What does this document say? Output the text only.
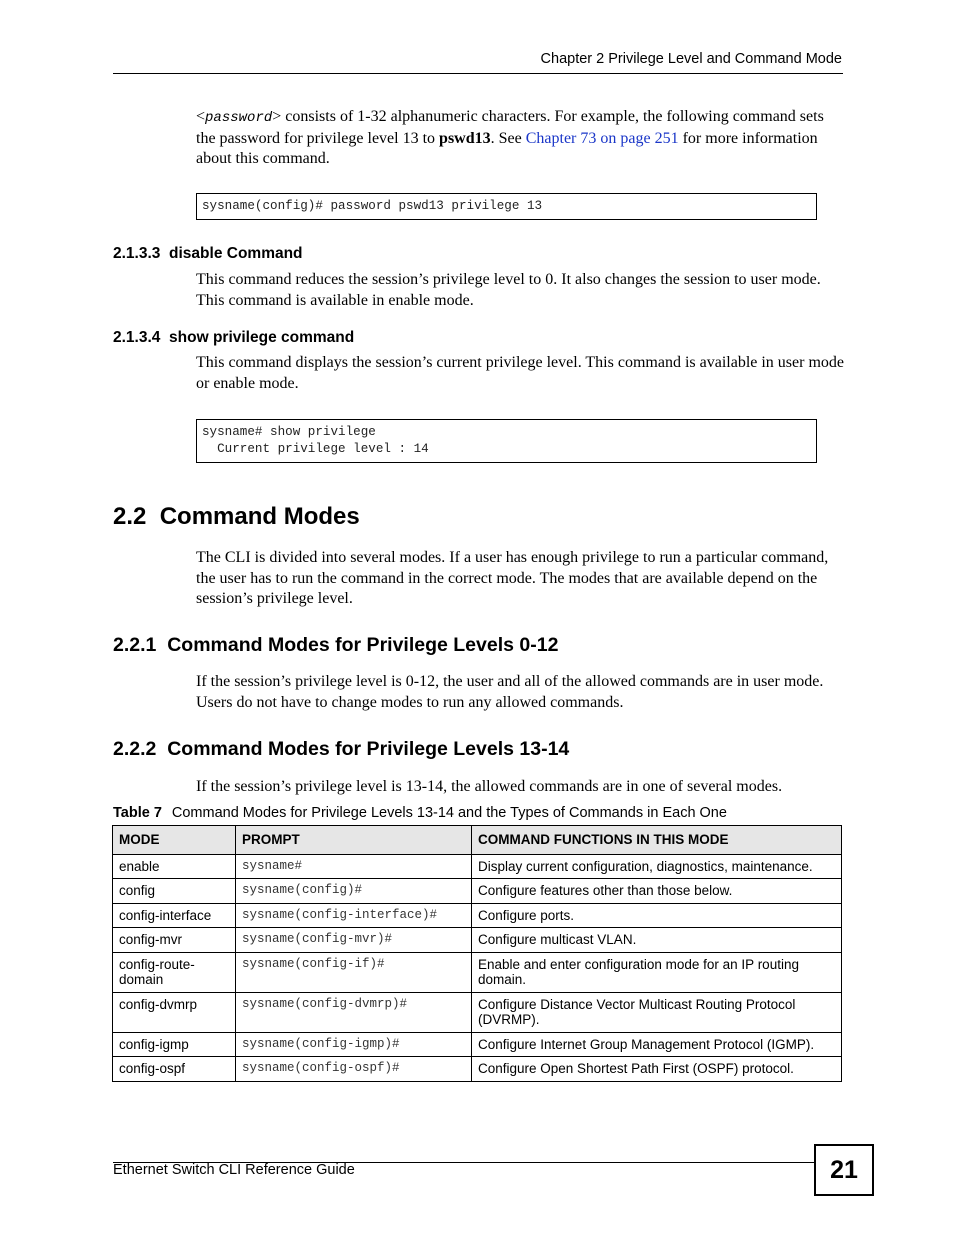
Chapter 2 Privilege Level and Command Mode
<password> consists of 1-32 alphanumeric characters. For example, the following command sets the password for privilege level 13 to pswd13. See Chapter 73 on page 251 for more information about this command.
sysname(config)# password pswd13 privilege 13
2.1.3.3 disable Command
This command reduces the session’s privilege level to 0. It also changes the session to user mode. This command is available in enable mode.
2.1.3.4 show privilege command
This command displays the session’s current privilege level. This command is available in user mode or enable mode.
sysname# show privilege
Current privilege level : 14
2.2 Command Modes
The CLI is divided into several modes. If a user has enough privilege to run a particular command, the user has to run the command in the correct mode. The modes that are available depend on the session’s privilege level.
2.2.1 Command Modes for Privilege Levels 0-12
If the session’s privilege level is 0-12, the user and all of the allowed commands are in user mode. Users do not have to change modes to run any allowed commands.
2.2.2 Command Modes for Privilege Levels 13-14
If the session’s privilege level is 13-14, the allowed commands are in one of several modes.
Table 7 Command Modes for Privilege Levels 13-14 and the Types of Commands in Each One
MODE	PROMPT	COMMAND FUNCTIONS IN THIS MODE
enable	sysname#	Display current configuration, diagnostics, maintenance.
config	sysname(config)#	Configure features other than those below.
config-interface	sysname(config-interface)#	Configure ports.
config-mvr	sysname(config-mvr)#	Configure multicast VLAN.
config-route-domain	sysname(config-if)#	Enable and enter configuration mode for an IP routing domain.
config-dvmrp	sysname(config-dvmrp)#	Configure Distance Vector Multicast Routing Protocol (DVRMP).
config-igmp	sysname(config-igmp)#	Configure Internet Group Management Protocol (IGMP).
config-ospf	sysname(config-ospf)#	Configure Open Shortest Path First (OSPF) protocol.
Ethernet Switch CLI Reference Guide	21
